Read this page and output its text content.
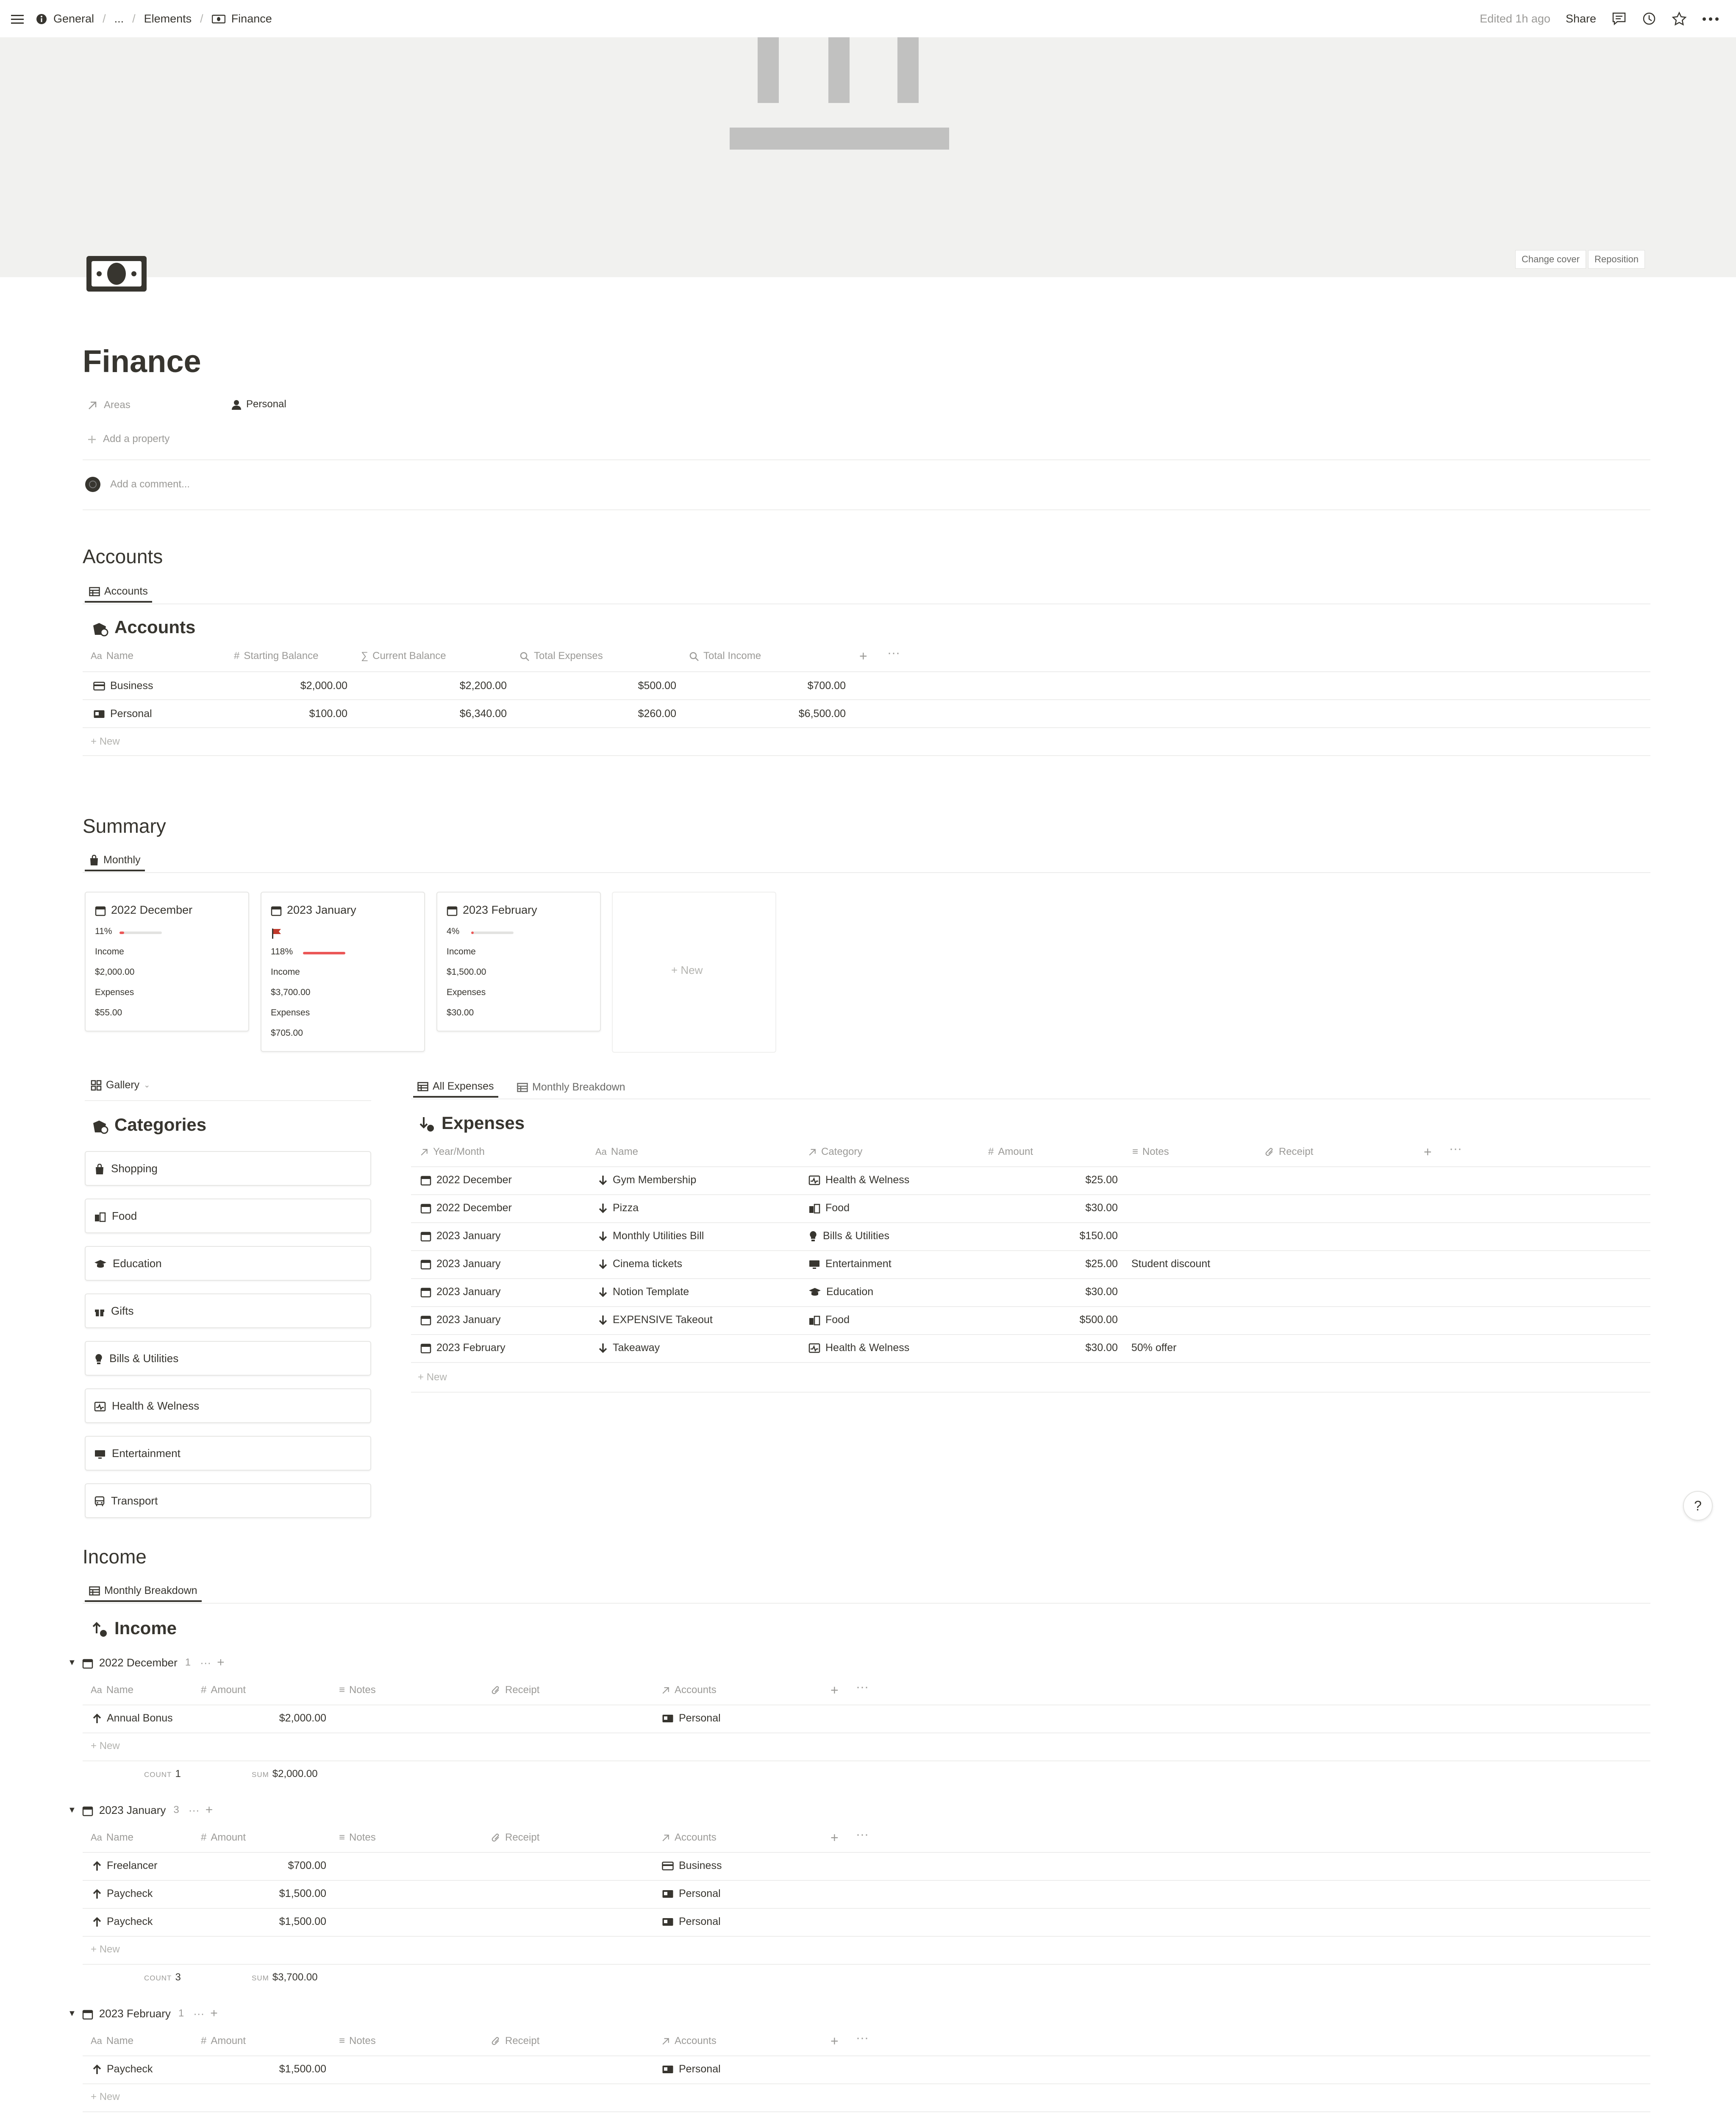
General / ... / Elements / Finance	Edited 1h ago Share
Change cover	Reposition
Finance
Areas	Personal
Add a property
Add a comment...
Accounts
Accounts
Accounts
Aa Name	# Starting Balance	∑ Current Balance	Total Expenses	Total Income	+ ···
Business	$2,000.00	$2,200.00	$500.00	$700.00
Personal	$100.00	$6,340.00	$260.00	$6,500.00
+ New
Summary
Monthly
2022 December
11%
Income
$2,000.00
Expenses
$55.00
2023 January
118%
Income
$3,700.00
Expenses
$705.00
2023 February
4%
Income
$1,500.00
Expenses
$30.00
+ New
Gallery ⌄
Categories
Shopping
Food
Education
Gifts
Bills & Utilities
Health & Welness
Entertainment
Transport
All Expenses	Monthly Breakdown
Expenses
Year/Month	Aa Name	Category	# Amount	≡ Notes	Receipt	+ ···
2022 December	Gym Membership	Health & Welness	$25.00
2022 December	Pizza	Food	$30.00
2023 January	Monthly Utilities Bill	Bills & Utilities	$150.00
2023 January	Cinema tickets	Entertainment	$25.00 Student discount
2023 January	Notion Template	Education	$30.00
2023 January	EXPENSIVE Takeout	Food	$500.00
2023 February	Takeaway	Health & Welness	$30.00 50% offer
+ New
?
Income
Monthly Breakdown
Income
▼ 2022 December 1 ··· +
Aa Name	# Amount	≡ Notes	Receipt	Accounts	+ ···
Annual Bonus	$2,000.00	Personal
+ New
COUNT 1	SUM $2,000.00
▼ 2023 January 3 ··· +
Aa Name	# Amount	≡ Notes	Receipt	Accounts	+ ···
Freelancer	$700.00	Business
Paycheck	$1,500.00	Personal
Paycheck	$1,500.00	Personal
+ New
COUNT 3	SUM $3,700.00
▼ 2023 February 1 ··· +
Aa Name	# Amount	≡ Notes	Receipt	Accounts	+ ···
Paycheck	$1,500.00	Personal
+ New
